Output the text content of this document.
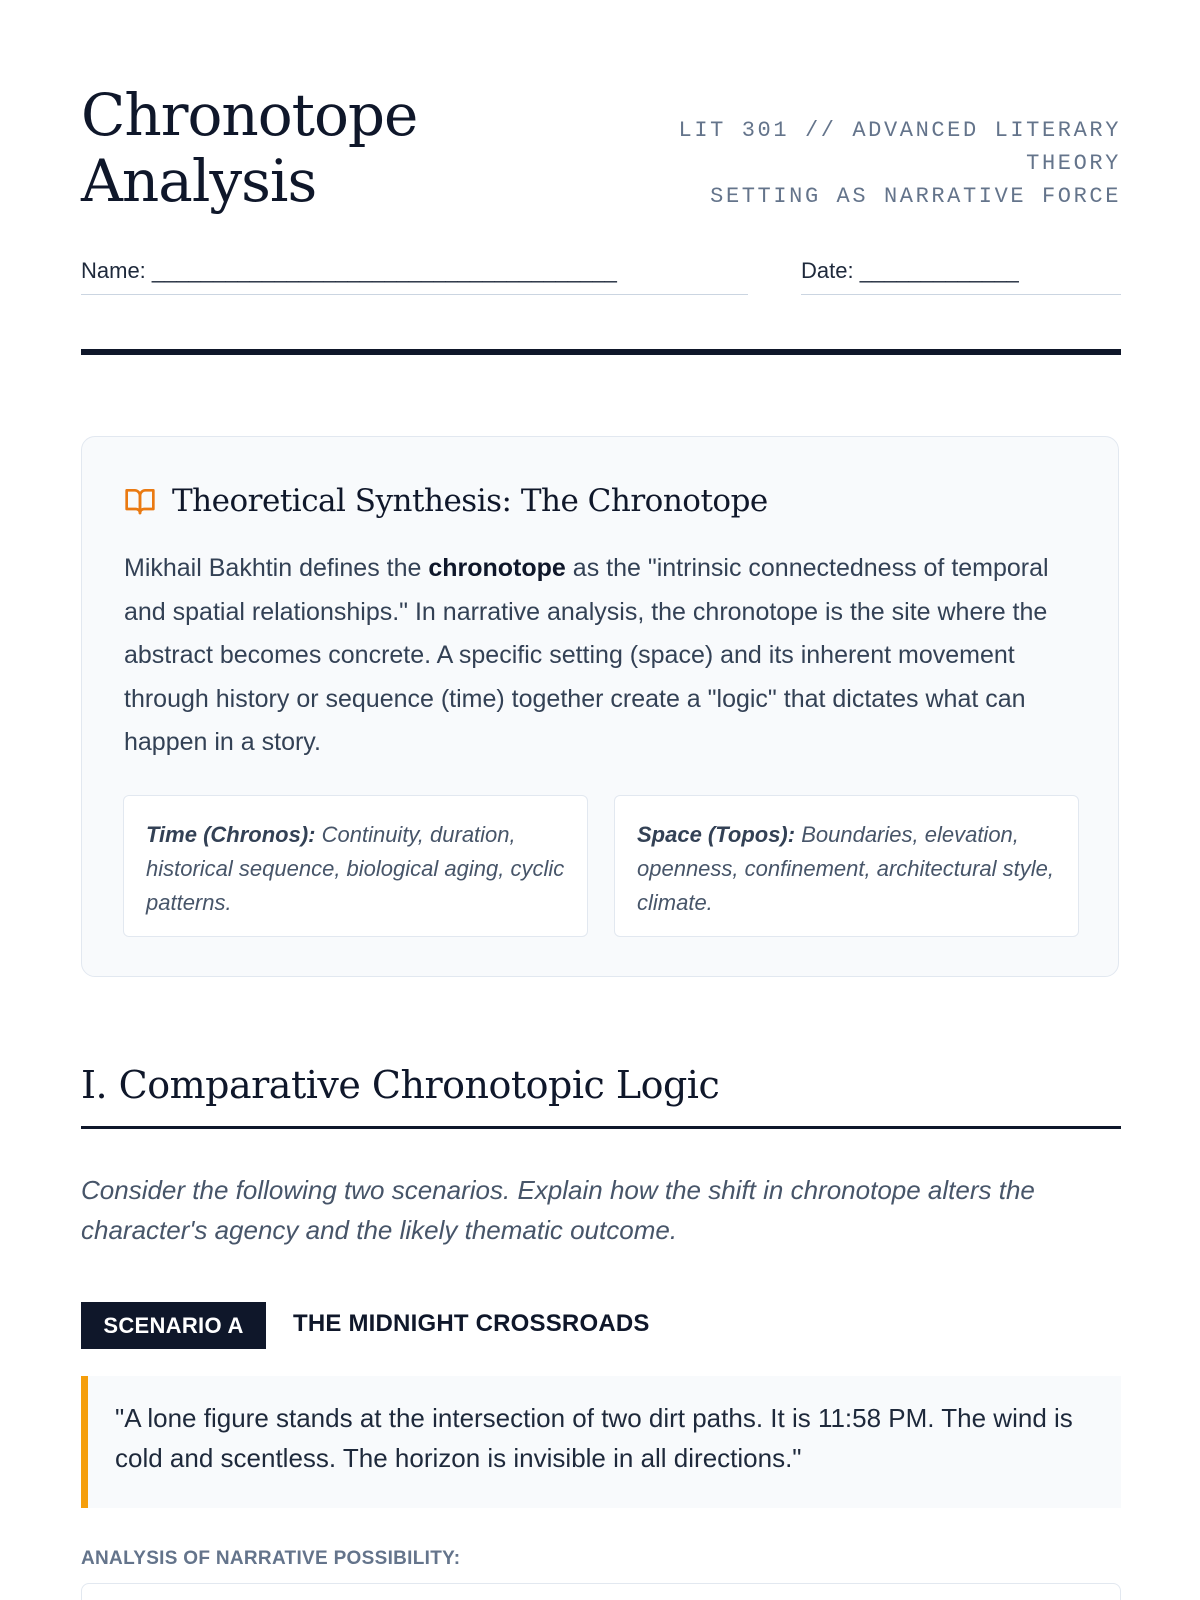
Chronotope
Analysis
LIT 301 // ADVANCED LITERARY
THEORY
SETTING AS NARRATIVE FORCE
Name: ______________________________________	Date: _____________
Theoretical Synthesis: The Chronotope

Mikhail Bakhtin defines the chronotope as the "intrinsic connectedness of temporal and spatial relationships." In narrative analysis, the chronotope is the site where the abstract becomes concrete. A specific setting (space) and its inherent movement through history or sequence (time) together create a "logic" that dictates what can happen in a story.

Time (Chronos): Continuity, duration, historical sequence, biological aging, cyclic patterns.
Space (Topos): Boundaries, elevation, openness, confinement, architectural style, climate.
I. Comparative Chronotopic Logic

Consider the following two scenarios. Explain how the shift in chronotope alters the character's agency and the likely thematic outcome.

SCENARIO A	THE MIDNIGHT CROSSROADS
"A lone figure stands at the intersection of two dirt paths. It is 11:58 PM. The wind is cold and scentless. The horizon is invisible in all directions."
ANALYSIS OF NARRATIVE POSSIBILITY:
